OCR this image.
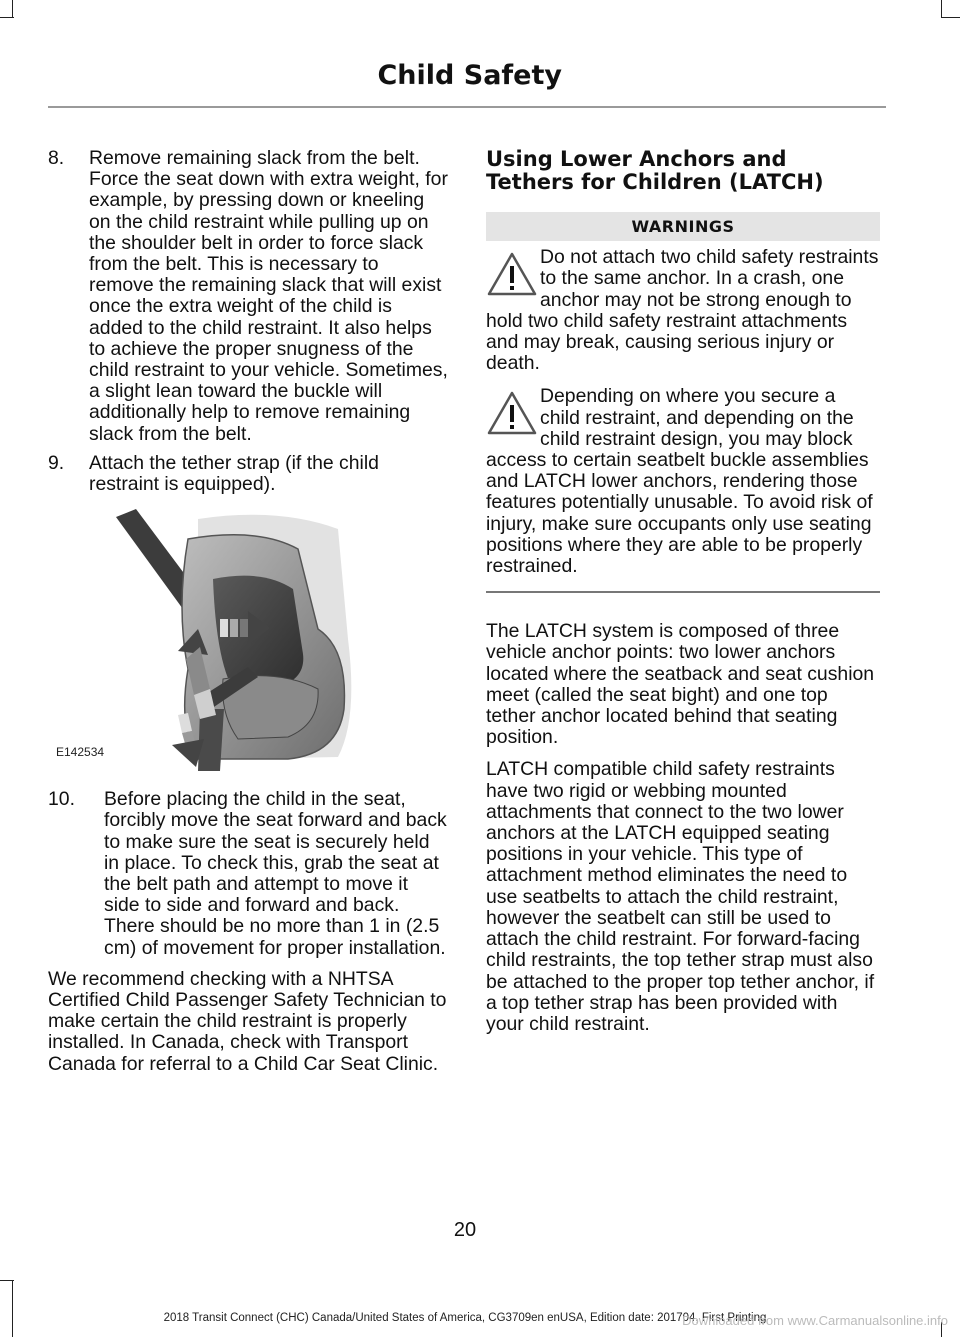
Child Safety
8.	Remove remaining slack from the belt. Force the seat down with extra weight, for example, by pressing down or kneeling on the child restraint while pulling up on the shoulder belt in order to force slack from the belt. This is necessary to remove the remaining slack that will exist once the extra weight of the child is added to the child restraint. It also helps to achieve the proper snugness of the child restraint to your vehicle. Sometimes, a slight lean toward the buckle will additionally help to remove remaining slack from the belt.
9.	Attach the tether strap (if the child restraint is equipped).
E142534
10.	Before placing the child in the seat, forcibly move the seat forward and back to make sure the seat is securely held in place. To check this, grab the seat at the belt path and attempt to move it side to side and forward and back. There should be no more than 1 in (2.5 cm) of movement for proper installation.
We recommend checking with a NHTSA Certified Child Passenger Safety Technician to make certain the child restraint is properly installed. In Canada, check with Transport Canada for referral to a Child Car Seat Clinic.
Using Lower Anchors and Tethers for Children (LATCH)
WARNINGS
Do not attach two child safety restraints to the same anchor. In a crash, one anchor may not be strong enough to hold two child safety restraint attachments and may break, causing serious injury or death.
Depending on where you secure a child restraint, and depending on the child restraint design, you may block access to certain seatbelt buckle assemblies and LATCH lower anchors, rendering those features potentially unusable. To avoid risk of injury, make sure occupants only use seating positions where they are able to be properly restrained.
The LATCH system is composed of three vehicle anchor points: two lower anchors located where the seatback and seat cushion meet (called the seat bight) and one top tether anchor located behind that seating position.
LATCH compatible child safety restraints have two rigid or webbing mounted attachments that connect to the two lower anchors at the LATCH equipped seating positions in your vehicle. This type of attachment method eliminates the need to use seatbelts to attach the child restraint, however the seatbelt can still be used to attach the child restraint. For forward-facing child restraints, the top tether strap must also be attached to the proper top tether anchor, if a top tether strap has been provided with your child restraint.
20
2018 Transit Connect (CHC) Canada/United States of America, CG3709en enUSA, Edition date: 201704, First Printing
Downloaded from www.Carmanualsonline.info
